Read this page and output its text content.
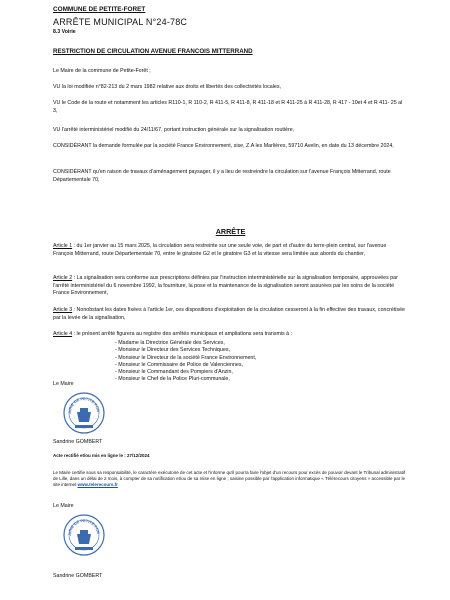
COMMUNE DE PETITE-FORET
ARRÊTE MUNICIPAL N°24-78C
8.3 Voirie
RESTRICTION DE CIRCULATION AVENUE FRANCOIS MITTERRAND

Le Maire de la commune de Petite-Forêt ;

VU la loi modifiée n°82-213 du 2 mars 1982 relative aux droits et libertés des collectivités locales,

VU le Code de la route et notamment les articles R110-1, R 110-2, R 411-5, R 411-8, R 411-18 et R 411-25 à R 411-28, R 417 - 10et 4 et R 411- 25 al 3,

VU l'arrêté interministériel modifié du 24/11/67, portant instruction générale sur la signalisation routière,

CONSIDÉRANT la demande formulée par la société France Environnement, sise, Z.A les Marlières, 59710 Avelin, en date du 13 décembre 2024,

CONSIDÉRANT qu'en raison de travaux d'aménagement paysager, il y a lieu de restreindre la circulation sur l'avenue François Mitterrand, route Départementale 70,

ARRÊTE

Article 1 : du 1er janvier au 15 mars 2025, la circulation sera restreinte sur une seule voie, de part et d'autre du terre-plein central, sur l'avenue François Mitterrand, route Départementale 70, entre le giratoire G2 et le giratoire G3 et la vitesse sera limitée aux abords du chantier,

Article 2 : La signalisation sera conforme aux prescriptions définies par l'instruction interministérielle sur la signalisation temporaire, approuvées par l'arrêté interministériel du 6 novembre 1992, la fourniture, la pose et la maintenance de la signalisation seront assurées par les soins de la société France Environnement,

Article 3 : Nonobstant les dates fixées à l'article 1er, ces dispositions d'exploitation de la circulation cesseront à la fin effective des travaux, concrétisée par la levée de la signalisation,

Article 4 : le présent arrêté figurera au registre des arrêtés municipaux et ampliations sera transmis à :

- Madame la Directrice Générale des Services,
- Monsieur le Directeur des Services Techniques,
- Monsieur le Directeur de la société France Environnement,
- Monsieur le Commissaire de Police de Valenciennes,
- Monsieur le Commandant des Pompiers d'Anzin,
- Monsieur le Chef de la Police Pluri-communale,
Le Maire
AIRIE DE PETITE-FOR
Sandrine GOMBERT
Acte rectifié et/ou mis en ligne le : 27/12/2024

Le Maire certifie sous sa responsabilité, le caractère exécutoire de cet acte et l'informe qu'il pourra faire l'objet d'un recours pour excès de pouvoir devant le Tribunal administratif de Lille, dans un délai de 2 mois, à compter de sa notification et/ou de sa mise en ligne ; saisine possible par l'application informatique « Télérecours citoyens » accessible par le site internet www.telerecours.fr

Le Maire
AIRIE DE PETITE-FOR
Sandrine GOMBERT
